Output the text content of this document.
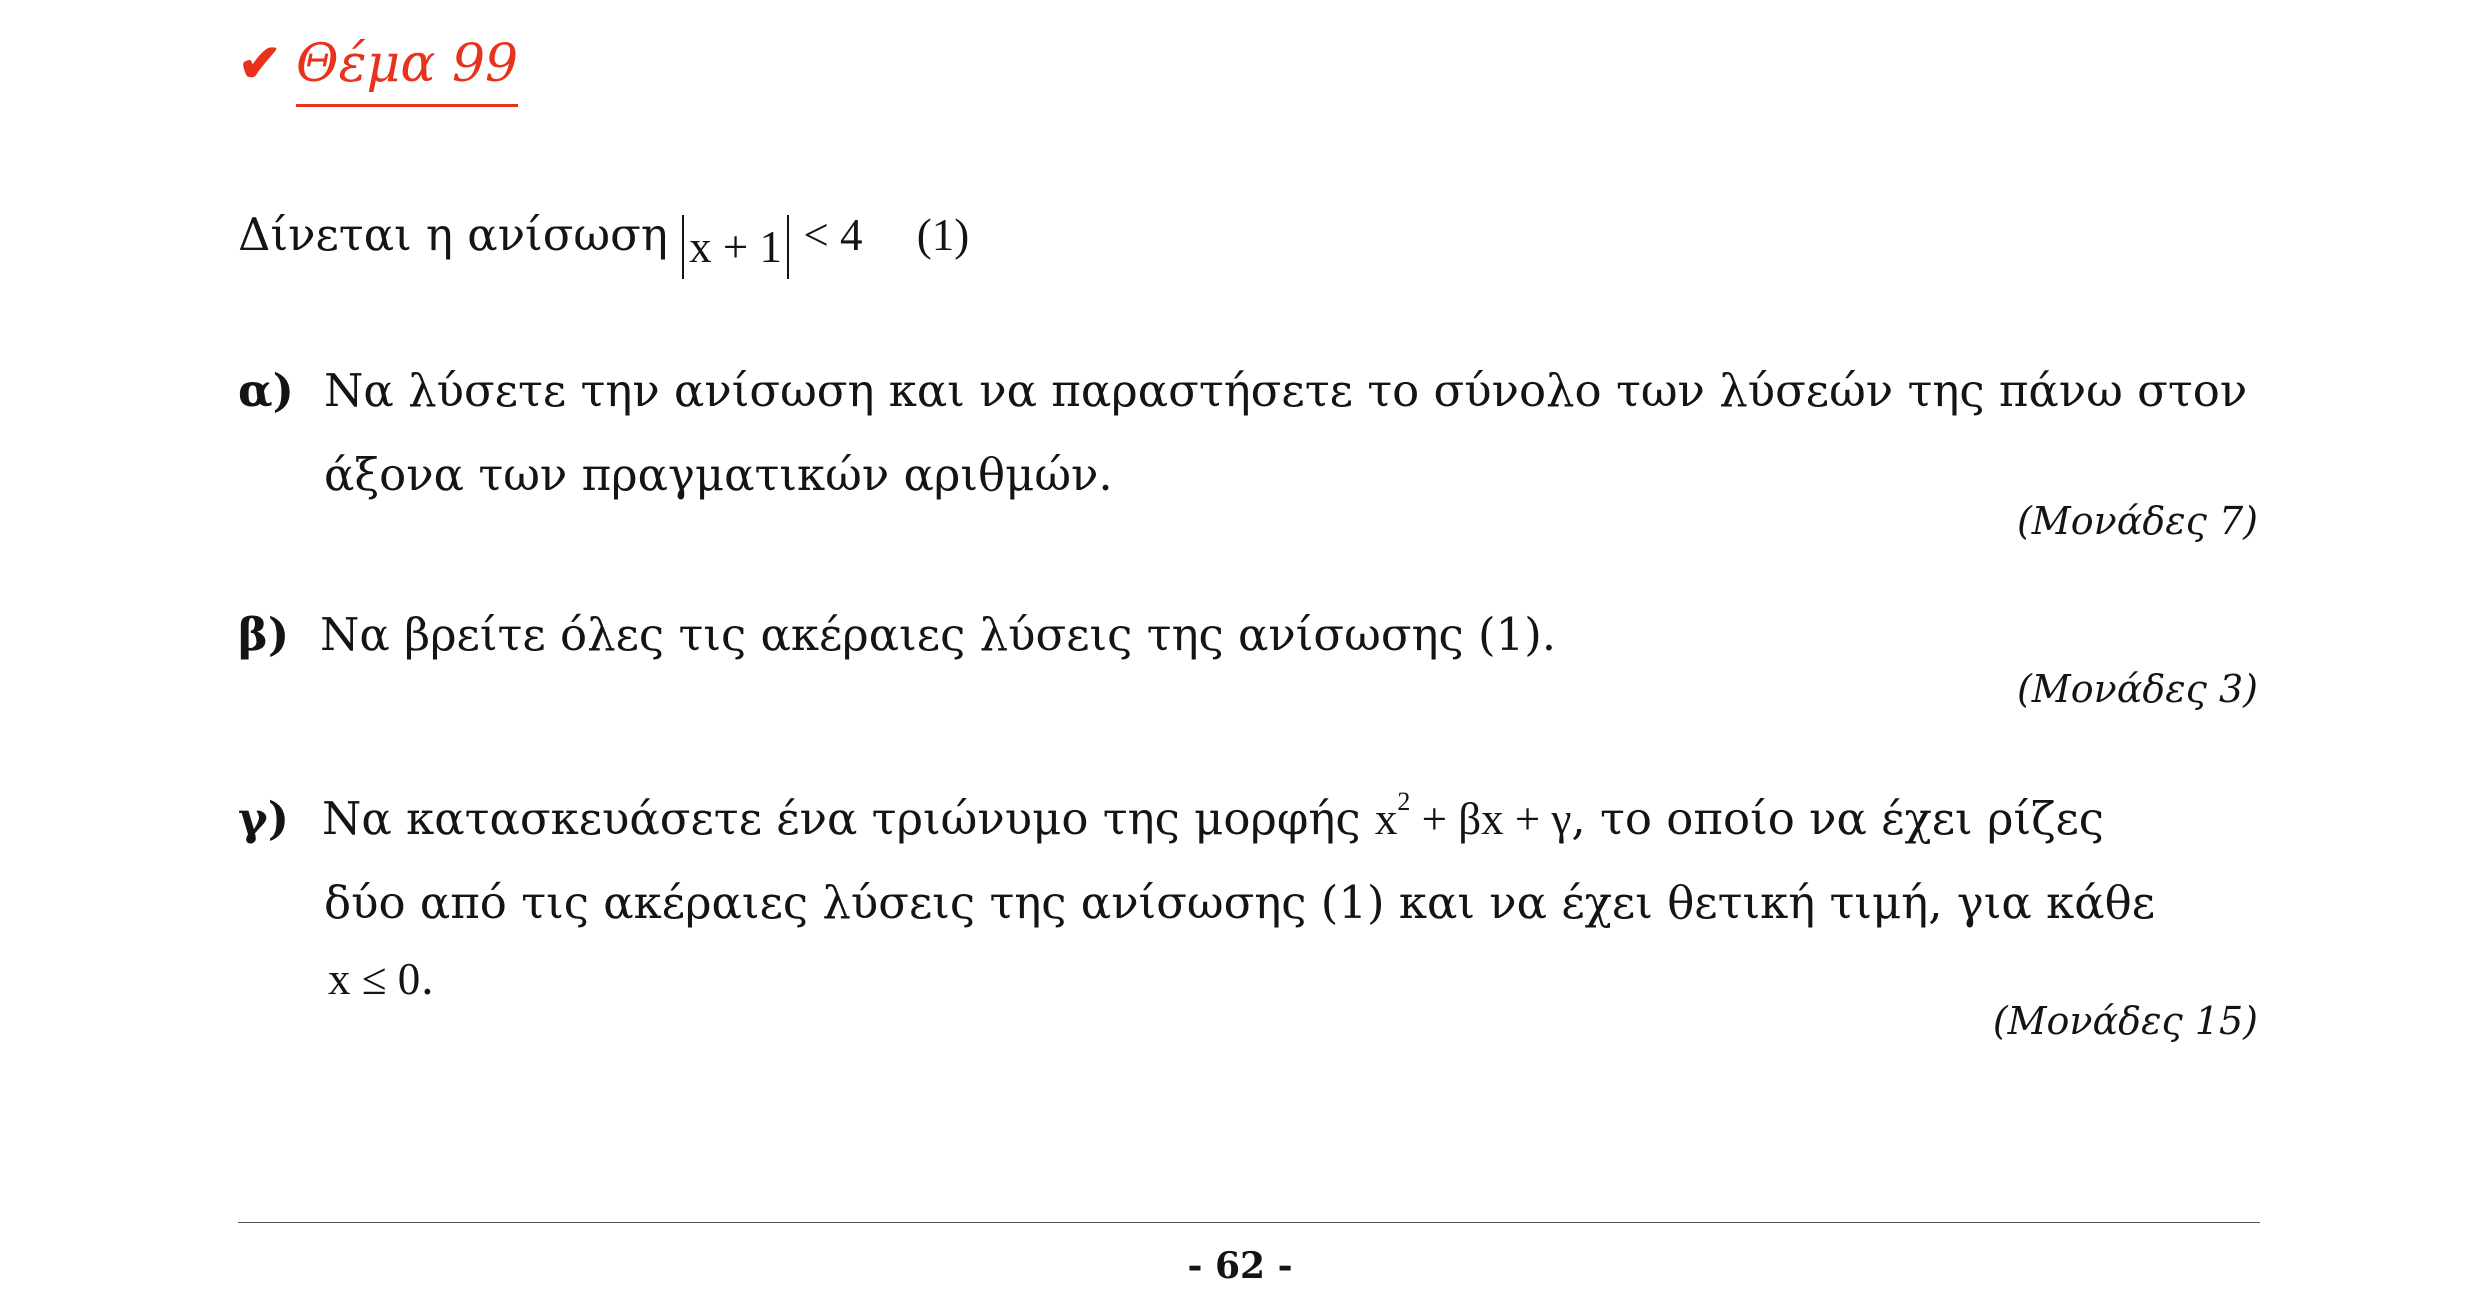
✔ Θέμα 99
Δίνεται η ανίσωση x + 1 < 4 (1)
α) Να λύσετε την ανίσωση και να παραστήσετε το σύνολο των λύσεών της πάνω στον
άξονα των πραγματικών αριθμών.
(Μονάδες 7)
β) Να βρείτε όλες τις ακέραιες λύσεις της ανίσωσης (1).
(Μονάδες 3)
γ) Να κατασκευάσετε ένα τριώνυμο της μορφής $x^2 + \beta x + \gamma$, το οποίο να έχει ρίζες
δύο από τις ακέραιες λύσεις της ανίσωσης (1) και να έχει θετική τιμή, για κάθε
x ≤ 0.
(Μονάδες 15)
- 62 -
